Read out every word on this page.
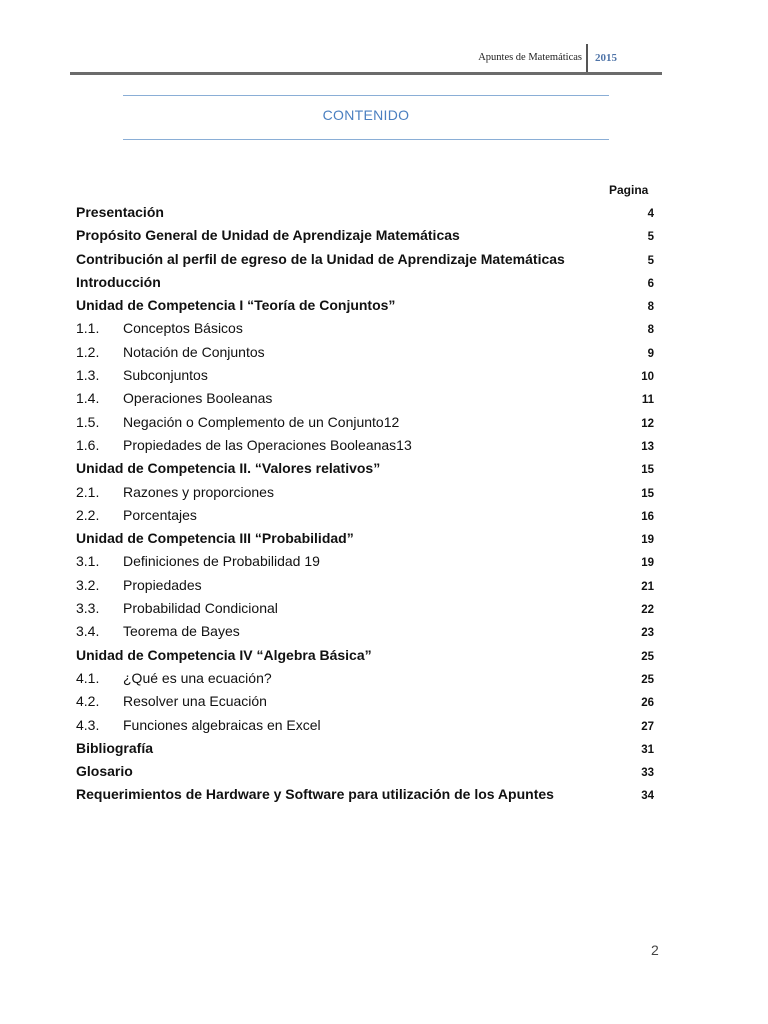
Apuntes de Matemáticas 2015
CONTENIDO
Pagina
Presentación	4
Propósito General de Unidad de Aprendizaje Matemáticas	5
Contribución al perfil de egreso de la Unidad de Aprendizaje Matemáticas	5
Introducción	6
Unidad de Competencia I “Teoría de Conjuntos”	8
1.1. Conceptos Básicos	8
1.2. Notación de Conjuntos	9
1.3. Subconjuntos	10
1.4. Operaciones Booleanas	11
1.5. Negación o Complemento de un Conjunto12	12
1.6. Propiedades de las Operaciones Booleanas13	13
Unidad de Competencia II. “Valores relativos”	15
2.1. Razones y proporciones	15
2.2. Porcentajes	16
Unidad de Competencia III “Probabilidad”	19
3.1. Definiciones de Probabilidad 19	19
3.2. Propiedades	21
3.3. Probabilidad Condicional	22
3.4. Teorema de Bayes	23
Unidad de Competencia IV “Algebra Básica”	25
4.1. ¿Qué es una ecuación?	25
4.2. Resolver una Ecuación	26
4.3. Funciones algebraicas en Excel	27
Bibliografía	31
Glosario	33
Requerimientos de Hardware y Software para utilización de los Apuntes	34
2
